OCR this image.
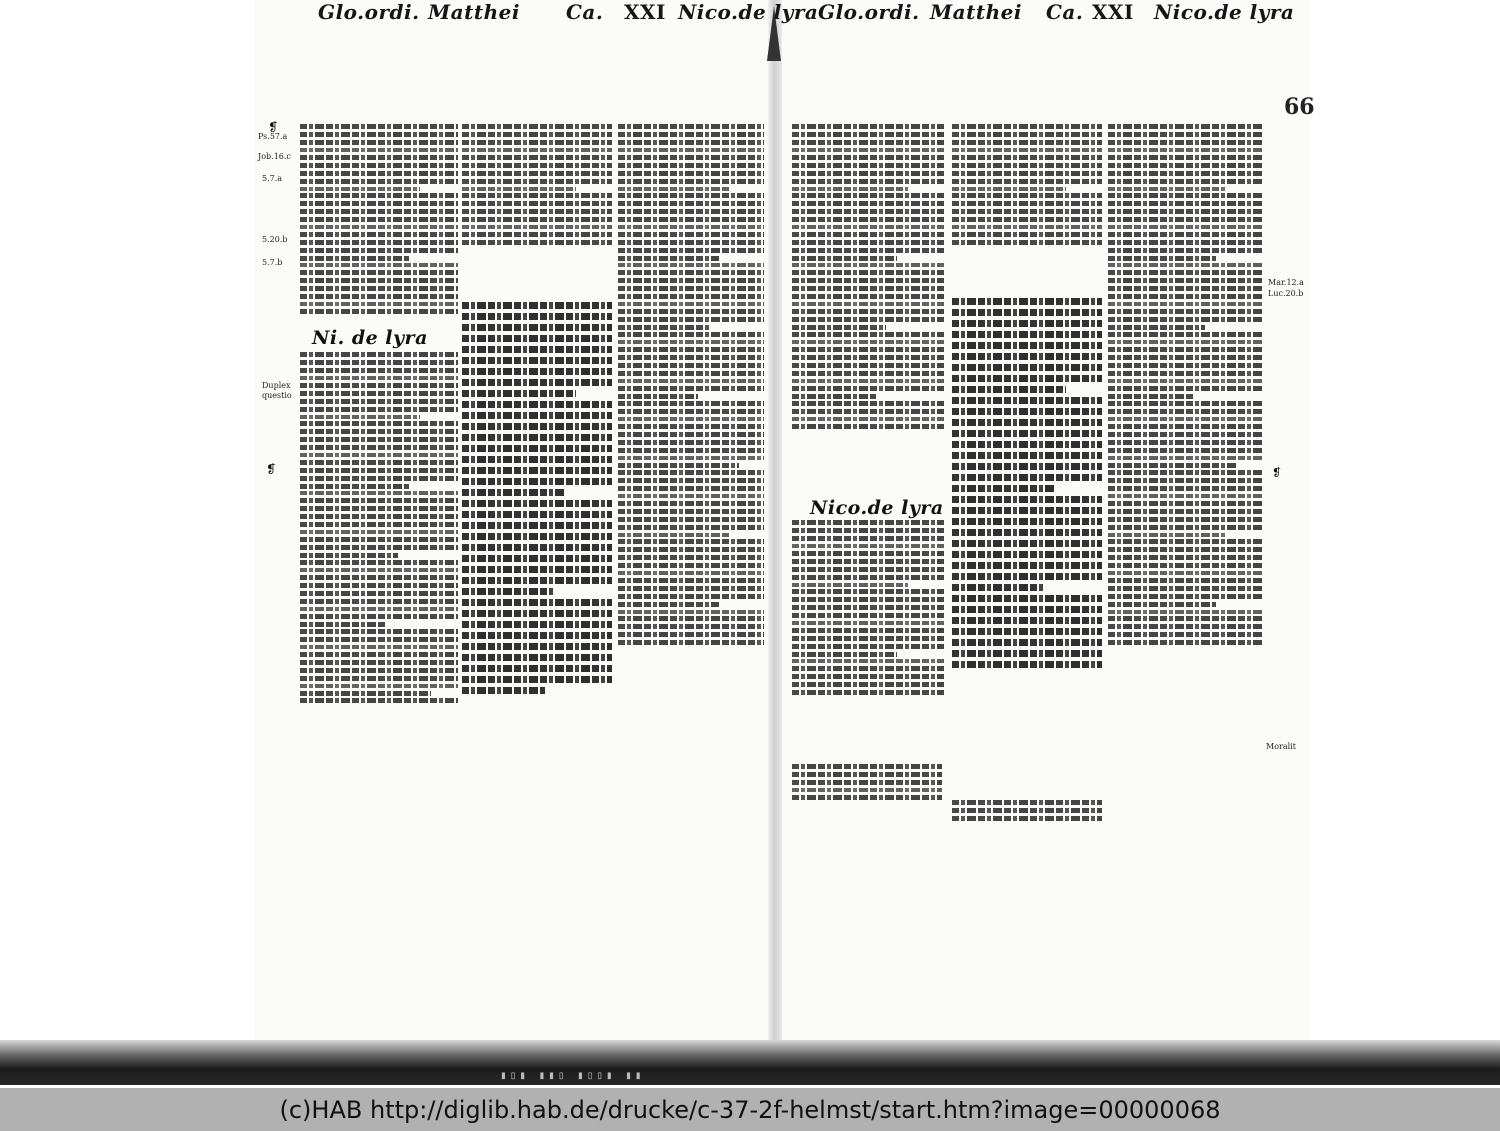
Glo.ordi. Matthei Ca. XXI Nico.de lyra Glo.ordi. Matthei Ca. XXI Nico.de lyra
66
Ni. de lyra
Ps.57.a
Job.16.c
5.7.a
5.20.b
5.7.b
Duplex questio
❡
❡
Nico.de lyra
Mar.12.a
Luc.20.b
Moralit
❡
▮▯▮ ▮▮▯ ▮▯▯▮ ▮▮
(c)HAB http://diglib.hab.de/drucke/c-37-2f-helmst/start.htm?image=00000068
